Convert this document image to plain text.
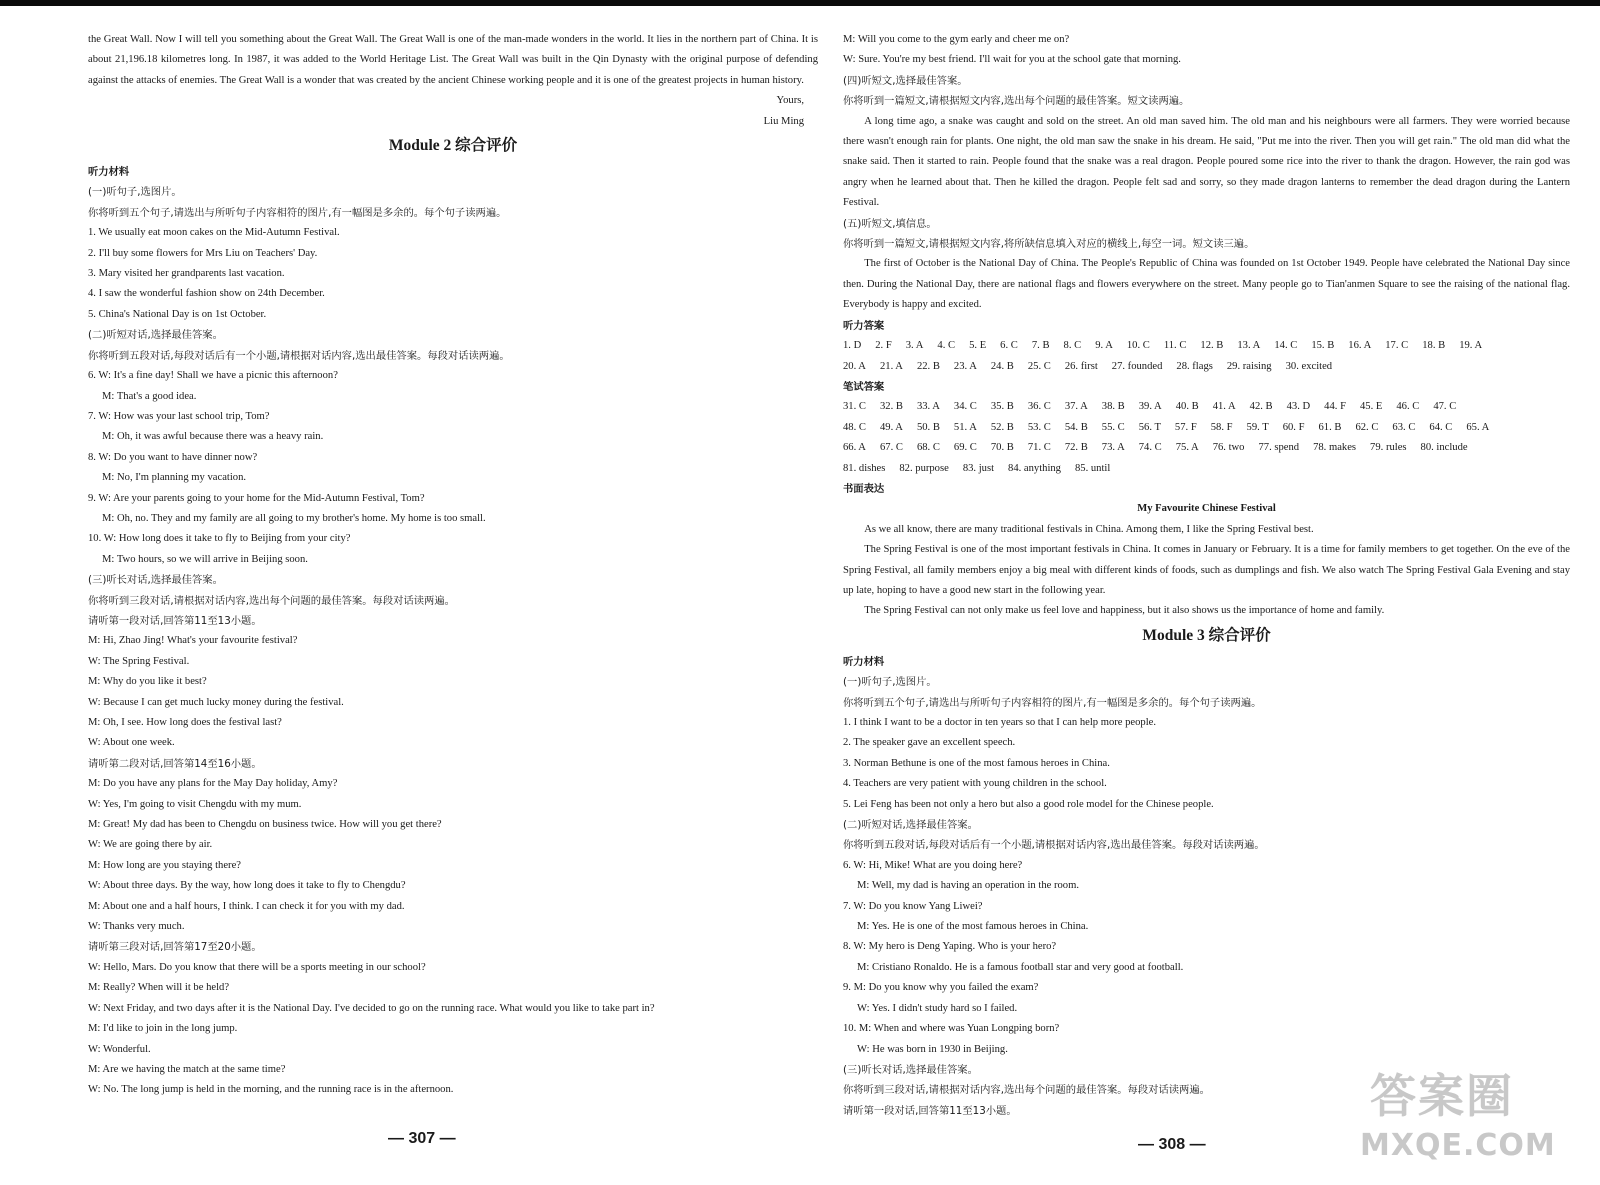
the Great Wall. Now I will tell you something about the Great Wall. The Great Wall is one of the man-made wonders in the world. It lies in the northern part of China. It is about 21,196.18 kilometres long. In 1987, it was added to the World Heritage List. The Great Wall was built in the Qin Dynasty with the original purpose of defending against the attacks of enemies. The Great Wall is a wonder that was created by the ancient Chinese working people and it is one of the greatest projects in human history.

Yours,

Liu Ming

Module 2 综合评价

听力材料

(一)听句子,选图片。

你将听到五个句子,请选出与所听句子内容相符的图片,有一幅图是多余的。每个句子读两遍。

1. We usually eat moon cakes on the Mid-Autumn Festival.

2. I'll buy some flowers for Mrs Liu on Teachers' Day.

3. Mary visited her grandparents last vacation.

4. I saw the wonderful fashion show on 24th December.

5. China's National Day is on 1st October.

(二)听短对话,选择最佳答案。

你将听到五段对话,每段对话后有一个小题,请根据对话内容,选出最佳答案。每段对话读两遍。

6. W: It's a fine day! Shall we have a picnic this afternoon?

M: That's a good idea.

7. W: How was your last school trip, Tom?

M: Oh, it was awful because there was a heavy rain.

8. W: Do you want to have dinner now?

M: No, I'm planning my vacation.

9. W: Are your parents going to your home for the Mid-Autumn Festival, Tom?

M: Oh, no. They and my family are all going to my brother's home. My home is too small.

10. W: How long does it take to fly to Beijing from your city?

M: Two hours, so we will arrive in Beijing soon.

(三)听长对话,选择最佳答案。

你将听到三段对话,请根据对话内容,选出每个问题的最佳答案。每段对话读两遍。

请听第一段对话,回答第11至13小题。

M: Hi, Zhao Jing! What's your favourite festival?

W: The Spring Festival.

M: Why do you like it best?

W: Because I can get much lucky money during the festival.

M: Oh, I see. How long does the festival last?

W: About one week.

请听第二段对话,回答第14至16小题。

M: Do you have any plans for the May Day holiday, Amy?

W: Yes, I'm going to visit Chengdu with my mum.

M: Great! My dad has been to Chengdu on business twice. How will you get there?

W: We are going there by air.

M: How long are you staying there?

W: About three days. By the way, how long does it take to fly to Chengdu?

M: About one and a half hours, I think. I can check it for you with my dad.

W: Thanks very much.

请听第三段对话,回答第17至20小题。

W: Hello, Mars. Do you know that there will be a sports meeting in our school?

M: Really? When will it be held?

W: Next Friday, and two days after it is the National Day. I've decided to go on the running race. What would you like to take part in?

M: I'd like to join in the long jump.

W: Wonderful.

M: Are we having the match at the same time?

W: No. The long jump is held in the morning, and the running race is in the afternoon.

— 307 —

M: Will you come to the gym early and cheer me on?

W: Sure. You're my best friend. I'll wait for you at the school gate that morning.

(四)听短文,选择最佳答案。

你将听到一篇短文,请根据短文内容,选出每个问题的最佳答案。短文读两遍。

A long time ago, a snake was caught and sold on the street. An old man saved him. The old man and his neighbours were all farmers. They were worried because there wasn't enough rain for plants. One night, the old man saw the snake in his dream. He said, "Put me into the river. Then you will get rain." The old man did what the snake said. Then it started to rain. People found that the snake was a real dragon. People poured some rice into the river to thank the dragon. However, the rain god was angry when he learned about that. Then he killed the dragon. People felt sad and sorry, so they made dragon lanterns to remember the dead dragon during the Lantern Festival.

(五)听短文,填信息。

你将听到一篇短文,请根据短文内容,将所缺信息填入对应的横线上,每空一词。短文读三遍。

The first of October is the National Day of China. The People's Republic of China was founded on 1st October 1949. People have celebrated the National Day since then. During the National Day, there are national flags and flowers everywhere on the street. Many people go to Tian'anmen Square to see the raising of the national flag. Everybody is happy and excited.

听力答案

1. D 2. F 3. A 4. C 5. E 6. C 7. B 8. C 9. A 10. C 11. C 12. B 13. A 14. C 15. B 16. A 17. C 18. B 19. A

20. A 21. A 22. B 23. A 24. B 25. C 26. first 27. founded 28. flags 29. raising 30. excited

笔试答案

31. C 32. B 33. A 34. C 35. B 36. C 37. A 38. B 39. A 40. B 41. A 42. B 43. D 44. F 45. E 46. C 47. C

48. C 49. A 50. B 51. A 52. B 53. C 54. B 55. C 56. T 57. F 58. F 59. T 60. F 61. B 62. C 63. C 64. C 65. A

66. A 67. C 68. C 69. C 70. B 71. C 72. B 73. A 74. C 75. A 76. two 77. spend 78. makes 79. rules 80. include

81. dishes 82. purpose 83. just 84. anything 85. until

书面表达

My Favourite Chinese Festival

As we all know, there are many traditional festivals in China. Among them, I like the Spring Festival best.

The Spring Festival is one of the most important festivals in China. It comes in January or February. It is a time for family members to get together. On the eve of the Spring Festival, all family members enjoy a big meal with different kinds of foods, such as dumplings and fish. We also watch The Spring Festival Gala Evening and stay up late, hoping to have a good new start in the following year.

The Spring Festival can not only make us feel love and happiness, but it also shows us the importance of home and family.

Module 3 综合评价

听力材料

(一)听句子,选图片。

你将听到五个句子,请选出与所听句子内容相符的图片,有一幅图是多余的。每个句子读两遍。

1. I think I want to be a doctor in ten years so that I can help more people.

2. The speaker gave an excellent speech.

3. Norman Bethune is one of the most famous heroes in China.

4. Teachers are very patient with young children in the school.

5. Lei Feng has been not only a hero but also a good role model for the Chinese people.

(二)听短对话,选择最佳答案。

你将听到五段对话,每段对话后有一个小题,请根据对话内容,选出最佳答案。每段对话读两遍。

6. W: Hi, Mike! What are you doing here?

M: Well, my dad is having an operation in the room.

7. W: Do you know Yang Liwei?

M: Yes. He is one of the most famous heroes in China.

8. W: My hero is Deng Yaping. Who is your hero?

M: Cristiano Ronaldo. He is a famous football star and very good at football.

9. M: Do you know why you failed the exam?

W: Yes. I didn't study hard so I failed.

10. M: When and where was Yuan Longping born?

W: He was born in 1930 in Beijing.

(三)听长对话,选择最佳答案。

你将听到三段对话,请根据对话内容,选出每个问题的最佳答案。每段对话读两遍。

请听第一段对话,回答第11至13小题。

— 308 —
答案圈
MXQE.COM
